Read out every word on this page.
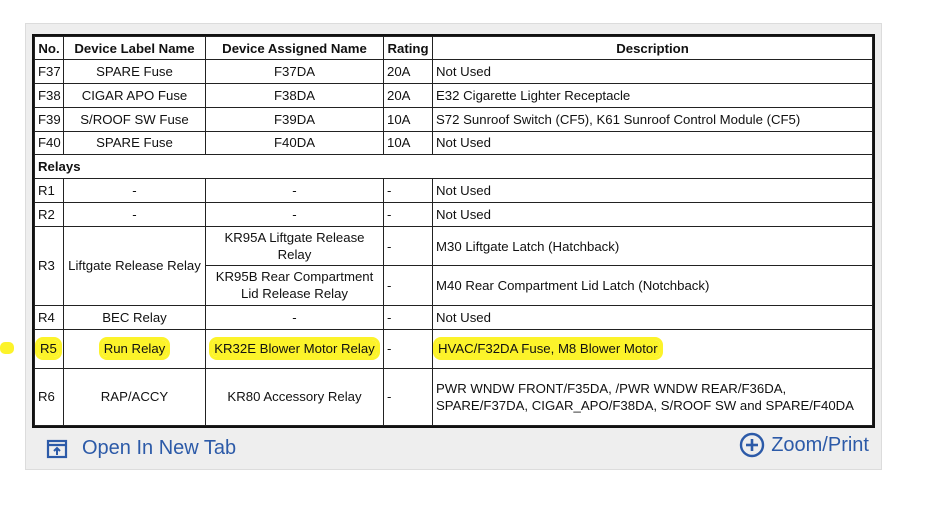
No.	Device Label Name	Device Assigned Name	Rating	Description
F37	SPARE Fuse	F37DA	20A	Not Used
F38	CIGAR APO Fuse	F38DA	20A	E32 Cigarette Lighter Receptacle
F39	S/ROOF SW Fuse	F39DA	10A	S72 Sunroof Switch (CF5), K61 Sunroof Control Module (CF5)
F40	SPARE Fuse	F40DA	10A	Not Used
Relays				
R1	-	-	-	Not Used
R2	-	-	-	Not Used
R3	Liftgate Release Relay	KR95A Liftgate Release Relay	-	M30 Liftgate Latch (Hatchback)
		KR95B Rear Compartment Lid Release Relay	-	M40 Rear Compartment Lid Latch (Notchback)
R4	BEC Relay	-	-	Not Used
R5	Run Relay	KR32E Blower Motor Relay	-	HVAC/F32DA Fuse, M8 Blower Motor
R6	RAP/ACCY	KR80 Accessory Relay	-	PWR WNDW FRONT/F35DA, /PWR WNDW REAR/F36DA, SPARE/F37DA, CIGAR_APO/F38DA, S/ROOF SW and SPARE/F40DA
Open In New Tab	Zoom/Print
